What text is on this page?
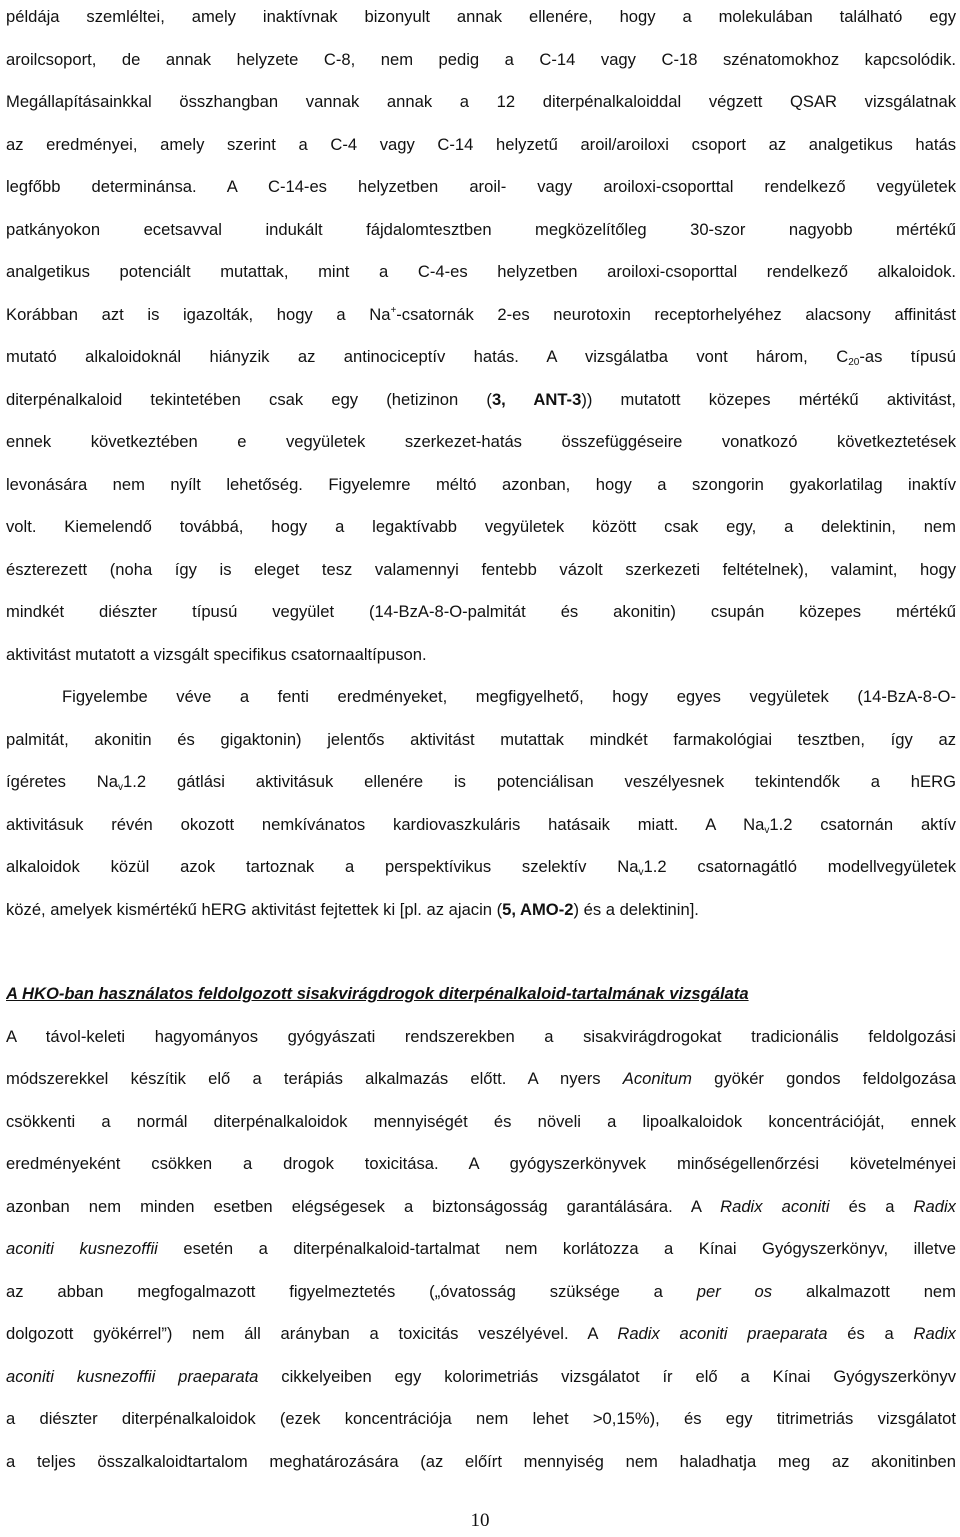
példája szemléltei, amely inaktívnak bizonyult annak ellenére, hogy a molekulában található egy
aroilcsoport, de annak helyzete C-8, nem pedig a C-14 vagy C-18 szénatomokhoz kapcsolódik.
Megállapításainkkal összhangban vannak annak a 12 diterpénalkaloiddal végzett QSAR vizsgálatnak
az eredményei, amely szerint a C-4 vagy C-14 helyzetű aroil/aroiloxi csoport az analgetikus hatás
legfőbb determinánsa. A C-14-es helyzetben aroil- vagy aroiloxi-csoporttal rendelkező vegyületek
patkányokon ecetsavval indukált fájdalomtesztben megközelítőleg 30-szor nagyobb mértékű
analgetikus potenciált mutattak, mint a C-4-es helyzetben aroiloxi-csoporttal rendelkező alkaloidok.
Korábban azt is igazolták, hogy a Na+-csatornák 2-es neurotoxin receptorhelyéhez alacsony affinitást
mutató alkaloidoknál hiányzik az antinociceptív hatás. A vizsgálatba vont három, $C_{20}-as$ típusú
diterpénalkaloid tekintetében csak egy (hetizinon (3, ANT-3)) mutatott közepes mértékű aktivitást,
ennek következtében e vegyületek szerkezet-hatás összefüggéseire vonatkozó következtetések
levonására nem nyílt lehetőség. Figyelemre méltó azonban, hogy a szongorin gyakorlatilag inaktív
volt. Kiemelendő továbbá, hogy a legaktívabb vegyületek között csak egy, a delektinin, nem
észterezett (noha így is eleget tesz valamennyi fentebb vázolt szerkezeti feltételnek), valamint, hogy
mindkét diészter típusú vegyület (14-BzA-8-O-palmitát és akonitin) csupán közepes mértékű
aktivitást mutatott a vizsgált specifikus csatornaaltípuson.
Figyelembe véve a fenti eredményeket, megfigyelhető, hogy egyes vegyületek (14-BzA-8-O-
palmitát, akonitin és gigaktonin) jelentős aktivitást mutattak mindkét farmakológiai tesztben, így az
ígéretes $Na_v1.2$ gátlási aktivitásuk ellenére is potenciálisan veszélyesnek tekintendők a hERG
aktivitásuk révén okozott nemkívánatos kardiovaszkuláris hatásaik miatt. A $Na_v1.2$ csatornán aktív
alkaloidok közül azok tartoznak a perspektívikus szelektív $Na_v1.2$ csatornagátló modellvegyületek
közé, amelyek kismértékű hERG aktivitást fejtettek ki [pl. az ajacin (5, AMO-2) és a delektinin].
A HKO-ban használatos feldolgozott sisakvirágdrogok diterpénalkaloid-tartalmának vizsgálata
A távol-keleti hagyományos gyógyászati rendszerekben a sisakvirágdrogokat tradicionális feldolgozási
módszerekkel készítik elő a terápiás alkalmazás előtt. A nyers Aconitum gyökér gondos feldolgozása
csökkenti a normál diterpénalkaloidok mennyiségét és növeli a lipoalkaloidok koncentrációját, ennek
eredményeként csökken a drogok toxicitása. A gyógyszerkönyvek minőségellenőrzési követelményei
azonban nem minden esetben elégségesek a biztonságosság garantálására. A Radix aconiti és a Radix
aconiti kusnezoffii esetén a diterpénalkaloid-tartalmat nem korlátozza a Kínai Gyógyszerkönyv, illetve
az abban megfogalmazott figyelmeztetés („óvatosság szüksége a per os alkalmazott nem
dolgozott gyökérrel”) nem áll arányban a toxicitás veszélyével. A Radix aconiti praeparata és a Radix
aconiti kusnezoffii praeparata cikkelyeiben egy kolorimetriás vizsgálatot ír elő a Kínai Gyógyszerkönyv
a diészter diterpénalkaloidok (ezek koncentrációja nem lehet >0,15%), és egy titrimetriás vizsgálatot
a teljes összalkaloidtartalom meghatározására (az előírt mennyiség nem haladhatja meg az akonitinben
10
